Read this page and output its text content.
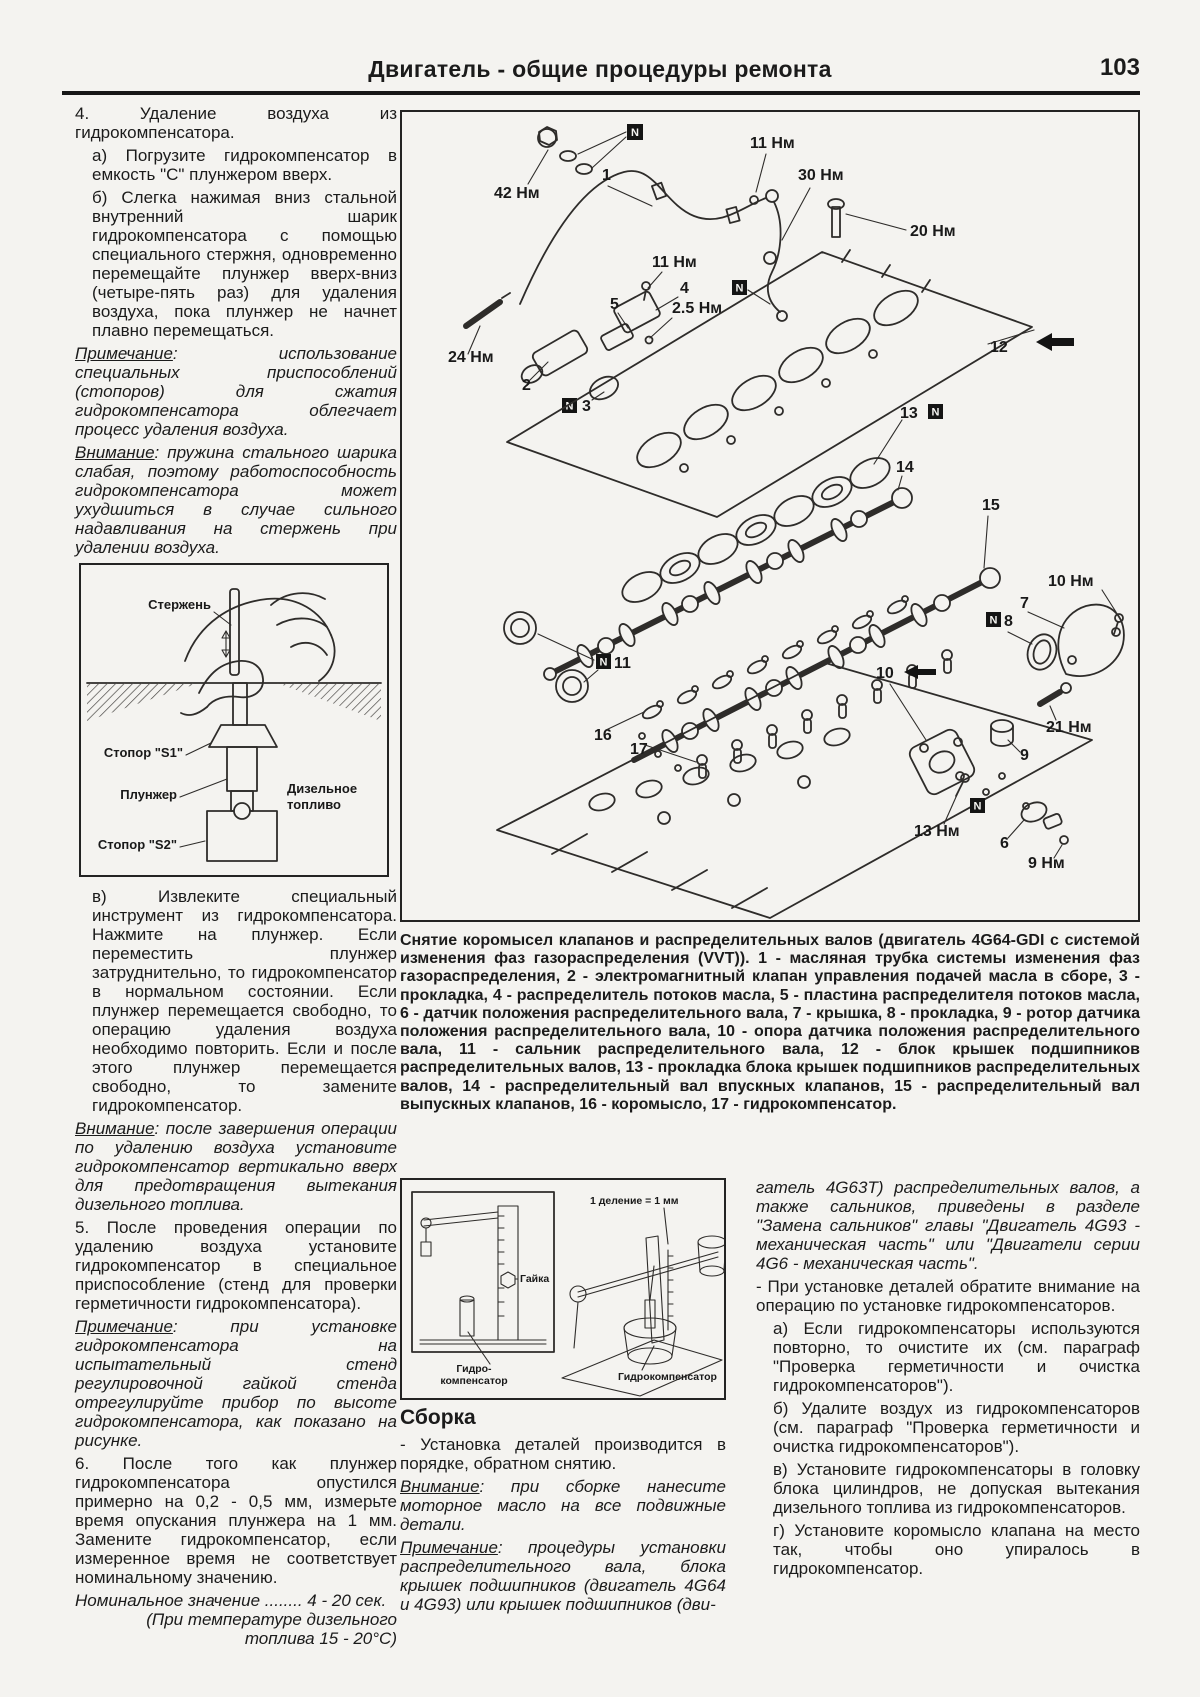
Двигатель - общие процедуры ремонта	103

4. Удаление воздуха из гидрокомпенсатора.

а) Погрузите гидрокомпенсатор в емкость "С" плунжером вверх.

б) Слегка нажимая вниз стальной внутренний шарик гидрокомпенсатора с помощью специального стержня, одновременно перемещайте плунжер вверх-вниз (четыре-пять раз) для удаления воздуха, пока плунжер не начнет плавно перемещаться.

Примечание: использование специальных приспособлений (стопоров) для сжатия гидрокомпенсатора облегчает процесс удаления воздуха.

Внимание: пружина стального шарика слабая, поэтому работоспособность гидрокомпенсатора может ухудшиться в случае сильного надавливания на стержень при удалении воздуха.

Стержень
Стопор "S1"
Плунжер	Дизельное
топливо
Стопор "S2"

в) Извлеките специальный инструмент из гидрокомпенсатора. Нажмите на плунжер. Если переместить плунжер затруднительно, то гидрокомпенсатор в нормальном состоянии. Если плунжер перемещается свободно, то операцию удаления воздуха необходимо повторить. Если и после этого плунжер перемещается свободно, то замените гидрокомпенсатор.

Внимание: после завершения операции по удалению воздуха установите гидрокомпенсатор вертикально вверх для предотвращения вытекания дизельного топлива.

5. После проведения операции по удалению воздуха установите гидрокомпенсатор в специальное приспособление (стенд для проверки герметичности гидрокомпенсатора).

Примечание: при установке гидрокомпенсатора на испытательный стенд регулировочной гайкой стенда отрегулируйте прибор по высоте гидрокомпенсатора, как показано на рисунке.

6. После того как плунжер гидрокомпенсатора опустился примерно на 0,2 - 0,5 мм, измерьте время опускания плунжера на 1 мм. Замените гидрокомпенсатор, если измеренное время не соответствует номинальному значению.

Номинальное значение ........ 4 - 20 сек.
(При температуре дизельного
топлива 15 - 20°C)

42 Нм
N
1
11 Нм
30 Нм
20 Нм
24 Нм
2
N 3
11 Нм
4
5	2.5 Нм
N
12
13 N
14
15
N 11
16
17
10
9
21 Нм
7
N 8
10 Нм
6
9 Нм
13 Нм
N
Снятие коромысел клапанов и распределительных валов (двигатель 4G64-GDI с системой изменения фаз газораспределения (VVT)). 1 - масляная трубка системы изменения фаз газораспределения, 2 - электромагнитный клапан управления подачей масла в сборе, 3 - прокладка, 4 - распределитель потоков масла, 5 - пластина распределителя потоков масла, 6 - датчик положения распределительного вала, 7 - крышка, 8 - прокладка, 9 - ротор датчика положения распределительного вала, 10 - опора датчика положения распределительного вала, 11 - сальник распределительного вала, 12 - блок крышек подшипников распределительных валов, 13 - прокладка блока крышек подшипников распределительных валов, 14 - распределительный вал впускных клапанов, 15 - распределительный вал выпускных клапанов, 16 - коромысло, 17 - гидрокомпенсатор.
Гайка
Гидро-
компенсатор
1 деление = 1 мм
Гидрокомпенсатор
Сборка

- Установка деталей производится в порядке, обратном снятию.

Внимание: при сборке нанесите моторное масло на все подвижные детали.

Примечание: процедуры установки распределительного вала, блока крышек подшипников (двигатель 4G64 и 4G93) или крышек подшипников (дви-

гатель 4G63T) распределительных валов, а также сальников, приведены в разделе "Замена сальников" главы "Двигатель 4G93 - механическая часть" или "Двигатели серии 4G6 - механическая часть".

- При установке деталей обратите внимание на операцию по установке гидрокомпенсаторов.

а) Если гидрокомпенсаторы используются повторно, то очистите их (см. параграф "Проверка герметичности и очистка гидрокомпенсаторов").

б) Удалите воздух из гидрокомпенсаторов (см. параграф "Проверка герметичности и очистка гидрокомпенсаторов").

в) Установите гидрокомпенсаторы в головку блока цилиндров, не допуская вытекания дизельного топлива из гидрокомпенсаторов.

г) Установите коромысло клапана на место так, чтобы оно упиралось в гидрокомпенсатор.
